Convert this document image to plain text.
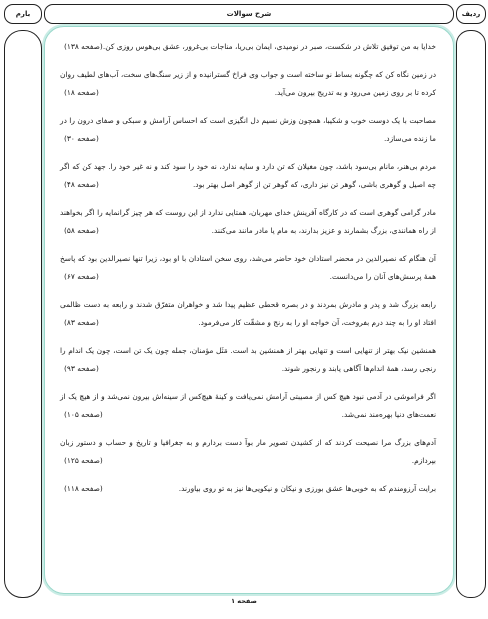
بارم	شرح سوالات	ردیف
خدایا به من توفیق تلاش در شکست، صبر در نومیدی، ایمان بی‌ریا، مناجات بی‌غرور، عشق بی‌هوس روزی کن.
(صفحه ۱۳۸)
در زمین نگاه کن که چگونه بساط نو ساخته است و جواب وی فراخ گسترانیده و از زیر سنگ‌های سخت، آب‌های لطیف روان کرده تا بر روی زمین می‌رود و به تدریج بیرون می‌آید.
(صفحه ۱۸)
مصاحبت با یک دوست خوب و شکیبا، همچون وزش نسیم دل انگیزی است که احساس آرامش و سبکی و صفای درون را در ما زنده می‌سازد.
(صفحه ۳۰)
مردم بی‌هنر، مانام بی‌سود باشد، چون مغیلان که تن دارد و سایه ندارد، نه خود را سود کند و نه غیر خود را. جهد کن که اگر چه اصیل و گوهری باشی، گوهر تن نیز داری، که گوهر تن از گوهر اصل بهتر بود.
(صفحه ۴۸)
مادر گرامی گوهری است که در کارگاه آفرینش خدای مهربان، همتایی ندارد از این روست که هر چیز گرانمایه را اگر بخواهند از راه همانندی، بزرگ بشمارند و عزیز بدارند، به مام یا مادر مانند می‌کنند.
(صفحه ۵۸)
آن هنگام که نصیرالدین در محضر استادان خود حاضر می‌شد، روی سخن استادان با او بود، زیرا تنها نصیرالدین بود که پاسخ همهٔ پرسش‌های آنان را می‌دانست.
(صفحه ۶۷)
رابعه بزرگ شد و پدر و مادرش بمردند و در بصره قحطی عظیم پیدا شد و خواهران متفرّق شدند و رابعه به دست ظالمی افتاد او را به چند درم بفروخت، آن خواجه او را به رنج و مشقّت کار می‌فرمود.
(صفحه ۸۳)
همنشین نیک بهتر از تنهایی است و تنهایی بهتر از همنشین بد است. مَثَل مؤمنان، جمله چون یک تن است، چون یک اندام را رنجی رسد، همهٔ اندام‌ها آگاهی یابند و رنجور شوند.
(صفحه ۹۳)
اگر فراموشی در آدمی نبود هیچ کس از مصیبتی آرامش نمی‌یافت و کینهٔ هیچ‌کس از سینه‌اش بیرون نمی‌شد و از هیچ یک از نعمت‌های دنیا بهره‌مند نمی‌شد.
(صفحه ۱۰۵)
آدم‌های بزرگ مرا نصیحت کردند که از کشیدن تصویر مار بوآ دست بردارم و به جغرافیا و تاریخ و حساب و دستور زبان بپردازم.
(صفحه ۱۲۵)
برایت آرزومندم که به خوبی‌ها عشق بورزی و نیکان و نیکویی‌ها نیز به تو روی بیاورند.
(صفحه ۱۱۸)
صفحه ۱
